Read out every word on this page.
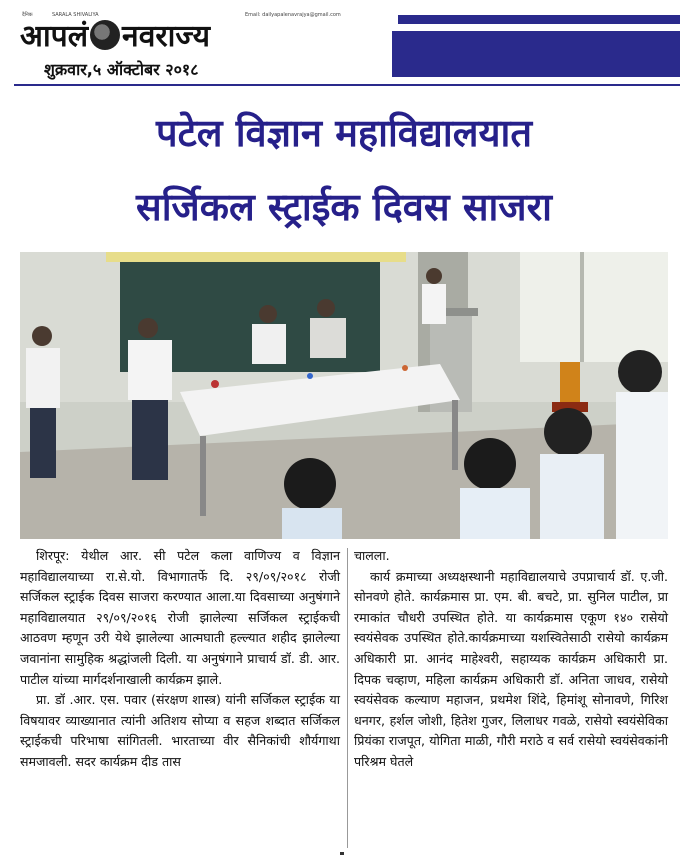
दैनिक	SARALA SHIVALIYA	Email: dailyapalenavrajya@gmail.com
आपलं नवराज्य
शुक्रवार,५ ऑक्टोबर २०१८
पटेल विज्ञान महाविद्यालयात
सर्जिकल स्ट्राईक दिवस साजरा

शिरपूर: येथील आर. सी पटेल कला वाणिज्य व विज्ञान महाविद्यालयाच्या रा.से.यो. विभागातर्फे दि. २९/०९/२०१८ रोजी सर्जिकल स्ट्राईक दिवस साजरा करण्यात आला.या दिवसाच्या अनुषंगाने महाविद्यालयात २९/०९/२०१६ रोजी झालेल्या सर्जिकल स्ट्राईकची आठवण म्हणून उरी येथे झालेल्या आत्मघाती हल्ल्यात शहीद झालेल्या जवानांना सामुहिक श्रद्धांजली दिली. या अनुषंगाने प्राचार्य डॉ. डी. आर. पाटील यांच्या मार्गदर्शनाखाली कार्यक्रम झाले.

प्रा. डॉ .आर. एस. पवार (संरक्षण शास्त्र) यांनी सर्जिकल स्ट्राईक या विषयावर व्याख्यानात त्यांनी अतिशय सोप्या व सहज शब्दात सर्जिकल स्ट्राईकची परिभाषा सांगितली. भारताच्या वीर सैनिकांची शौर्यगाथा समजावली. सदर कार्यक्रम दीड तास

चालला.

कार्य क्रमाच्या अध्यक्षस्थानी महाविद्यालयाचे उपप्राचार्य डॉ. ए.जी. सोनवणे होते. कार्यक्रमास प्रा. एम. बी. बचटे, प्रा. सुनिल पाटील, प्रा रमाकांत चौधरी उपस्थित होते. या कार्यक्रमास एकूण १४० रासेयो स्वयंसेवक उपस्थित होते.कार्यक्रमाच्या यशस्वितेसाठी रासेयो कार्यक्रम अधिकारी प्रा. आनंद माहेश्वरी, सहाय्यक कार्यक्रम अधिकारी प्रा. दिपक चव्हाण, महिला कार्यक्रम अधिकारी डॉ. अनिता जाधव, रासेयो स्वयंसेवक कल्याण महाजन, प्रथमेश शिंदे, हिमांशू सोनावणे, गिरिश धनगर, हर्शल जोशी, हितेश गुजर, लिलाधर गवळे, रासेयो स्वयंसेविका प्रियंका राजपूत, योगिता माळी, गौरी मराठे व सर्व रासेयो स्वयंसेवकांनी परिश्रम घेतले
